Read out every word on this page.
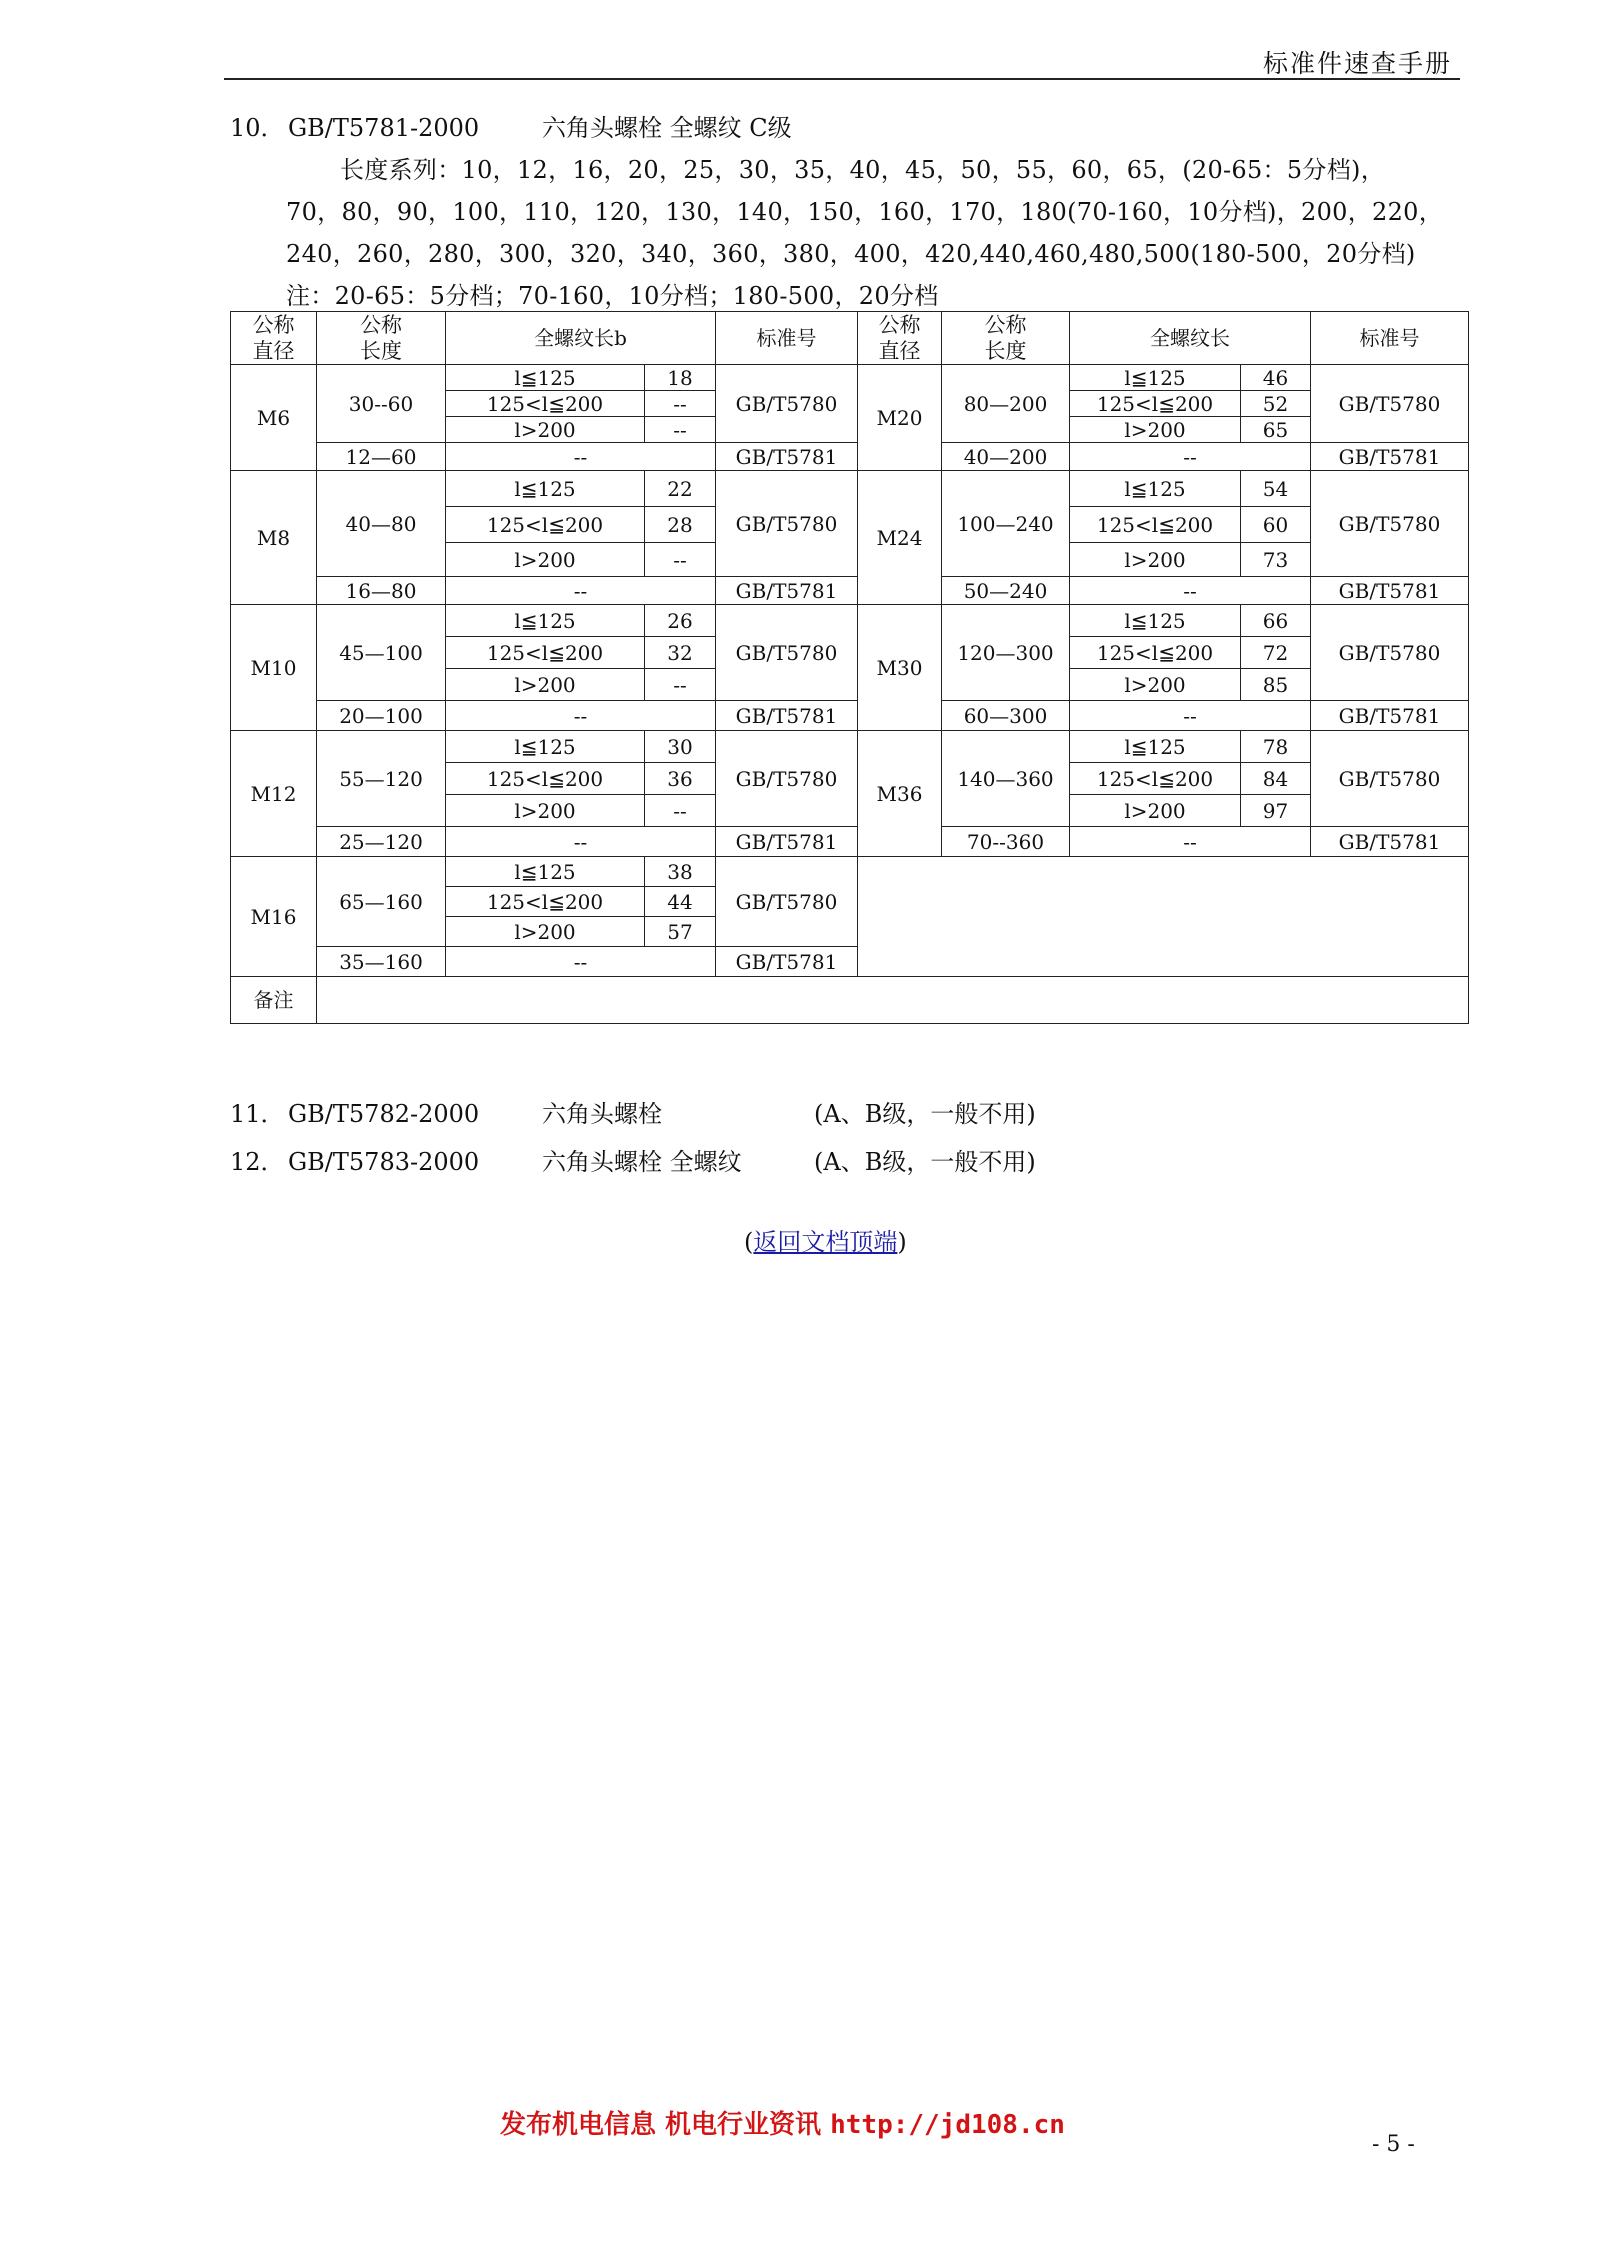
标准件速查手册
10． GB/T5781-2000	六角头螺栓 全螺纹 C级
长度系列：10，12，16，20，25，30，35，40，45，50，55，60，65，(20-65：5分档)，
70，80，90，100，110，120，130，140，150，160，170，180(70-160，10分档)，200，220，
240，260，280，300，320，340，360，380，400，420,440,460,480,500(180-500，20分档)
注：20-65：5分档；70-160，10分档；180-500，20分档
公称
直径	公称
长度	全螺纹长b		标准号	公称
直径	公称
长度	全螺纹长		标准号
M6	30--60	l≦125	18	GB/T5780	M20	80—200	l≦125	46	GB/T5780
		125<l≦200	--				125<l≦200	52	
		l>200	--				l>200	65	
	12—60	--		GB/T5781		40—200	--		GB/T5781
M8	40—80	l≦125	22	GB/T5780	M24	100—240	l≦125	54	GB/T5780
		125<l≦200	28				125<l≦200	60	
		l>200	--				l>200	73	
	16—80	--		GB/T5781		50—240	--		GB/T5781
M10	45—100	l≦125	26	GB/T5780	M30	120—300	l≦125	66	GB/T5780
		125<l≦200	32				125<l≦200	72	
		l>200	--				l>200	85	
	20—100	--		GB/T5781		60—300	--		GB/T5781
M12	55—120	l≦125	30	GB/T5780	M36	140—360	l≦125	78	GB/T5780
		125<l≦200	36				125<l≦200	84	
		l>200	--				l>200	97	
	25—120	--		GB/T5781		70--360	--		GB/T5781
M16	65—160	l≦125	38	GB/T5780					
		125<l≦200	44						
		l>200	57						
	35—160	--		GB/T5781					
备注									
11． GB/T5782-2000	六角头螺栓	(A、B级，一般不用)
12． GB/T5783-2000	六角头螺栓 全螺纹	(A、B级，一般不用)
(返回文档顶端)
发布机电信息 机电行业资讯 http://jd108.cn
- 5 -
